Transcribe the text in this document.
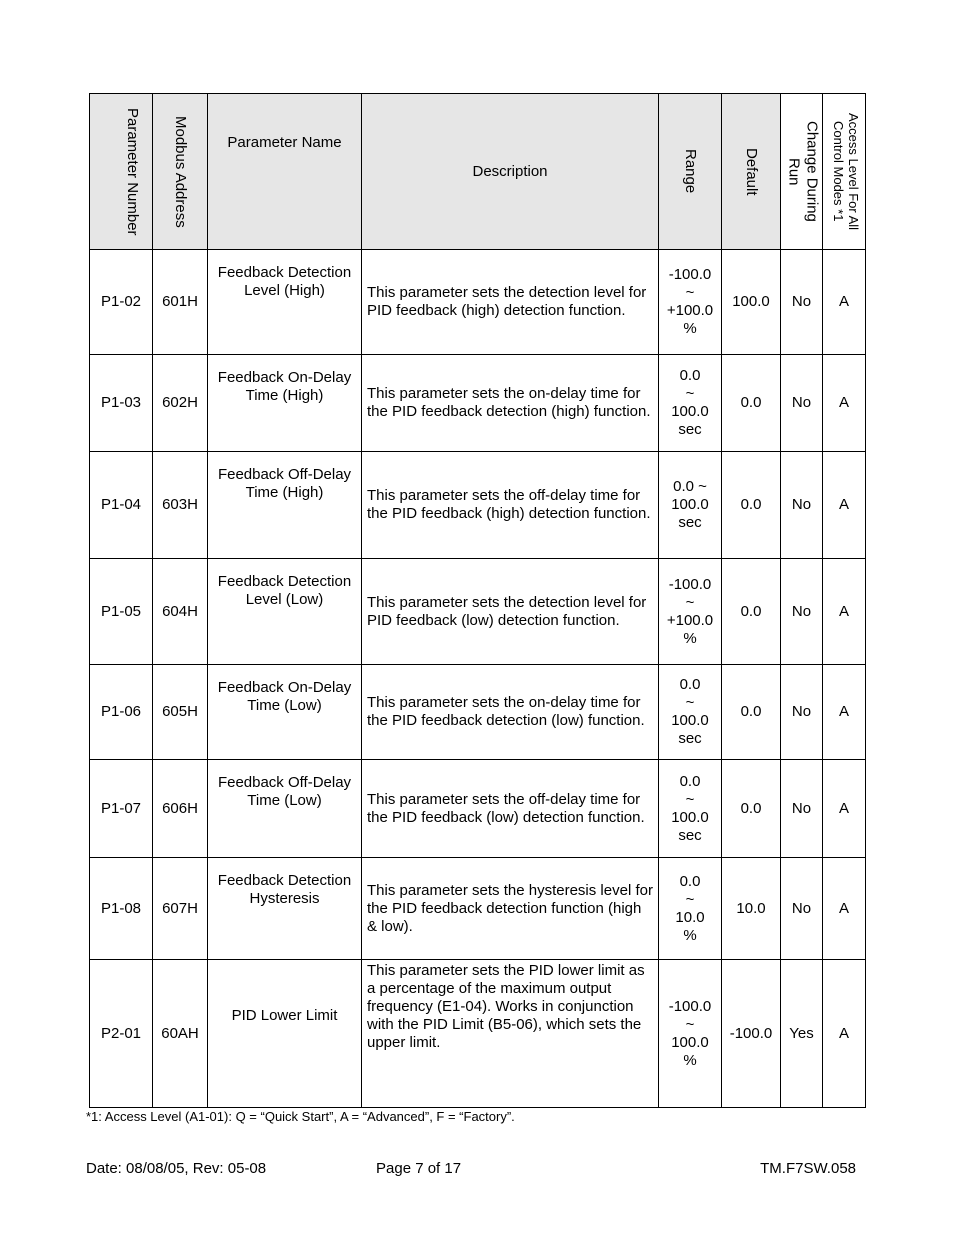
Parameter Number	Modbus Address	Parameter Name	Description	Range	Default	Change During Run	Access Level For All Control Modes *1

P1-02	601H	Feedback Detection Level (High)	This parameter sets the detection level for PID feedback (high) detection function.	-100.0
~
+100.0
%	100.0	No	A
P1-03	602H	Feedback On-Delay Time (High)	This parameter sets the on-delay time for the PID feedback detection (high) function.	0.0
~
100.0
sec	0.0	No	A
P1-04	603H	Feedback Off-Delay Time (High)	This parameter sets the off-delay time for the PID feedback (high) detection function.	0.0 ~
100.0
sec	0.0	No	A
P1-05	604H	Feedback Detection Level (Low)	This parameter sets the detection level for PID feedback (low) detection function.	-100.0
~
+100.0
%	0.0	No	A
P1-06	605H	Feedback On-Delay Time (Low)	This parameter sets the on-delay time for the PID feedback detection (low) function.	0.0
~
100.0
sec	0.0	No	A
P1-07	606H	Feedback Off-Delay Time (Low)	This parameter sets the off-delay time for the PID feedback (low) detection function.	0.0
~
100.0
sec	0.0	No	A
P1-08	607H	Feedback Detection Hysteresis	This parameter sets the hysteresis level for the PID feedback detection function (high & low).	0.0
~
10.0
%	10.0	No	A
P2-01	60AH	PID Lower Limit	This parameter sets the PID lower limit as a percentage of the maximum output frequency (E1-04). Works in conjunction with the PID Limit (B5-06), which sets the upper limit.	-100.0
~
100.0
%	-100.0	Yes	A
*1: Access Level (A1-01): Q = “Quick Start”, A = “Advanced”, F = “Factory”.
Date: 08/08/05, Rev: 05-08	Page 7 of 17	TM.F7SW.058
